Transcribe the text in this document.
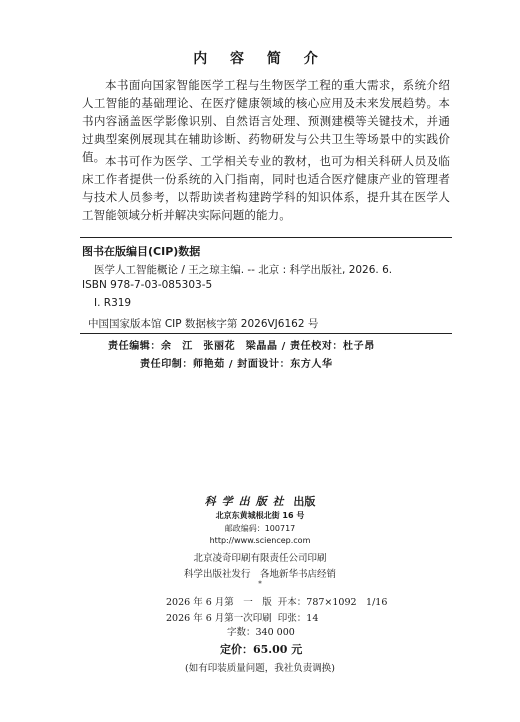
内 容 简 介

本书面向国家智能医学工程与生物医学工程的重大需求，系统介绍人工智能的基础理论、在医疗健康领域的核心应用及未来发展趋势。本书内容涵盖医学影像识别、自然语言处理、预测建模等关键技术，并通过典型案例展现其在辅助诊断、药物研发与公共卫生等场景中的实践价值。 本书可作为医学、工学相关专业的教材，也可为相关科研人员及临床工作者提供一份系统的入门指南，同时也适合医疗健康产业的管理者与技术人员参考，以帮助读者构建跨学科的知识体系，提升其在医学人工智能领域分析并解决实际问题的能力。

图书在版编目(CIP)数据
医学人工智能概论 / 王之琼主编. -- 北京 : 科学出版社, 2026. 6.
ISBN 978-7-03-085303-5
Ⅰ. R319
中国国家版本馆 CIP 数据核字第 2026VJ6162 号
责任编辑：余　江　张丽花　梁晶晶 / 责任校对：杜子昂
责任印制：师艳茹 / 封面设计：东方人华
科学出版社 出版
北京东黄城根北街 16 号
邮政编码：100717
http://www.sciencep.com
北京凌奇印刷有限责任公司印刷
科学出版社发行　各地新华书店经销
*
2026 年 6 月第　一　版 开本：787×1092　1/16
2026 年 6 月第一次印刷 印张：14
字数：340 000
定价：65.00 元
(如有印装质量问题，我社负责调换)
